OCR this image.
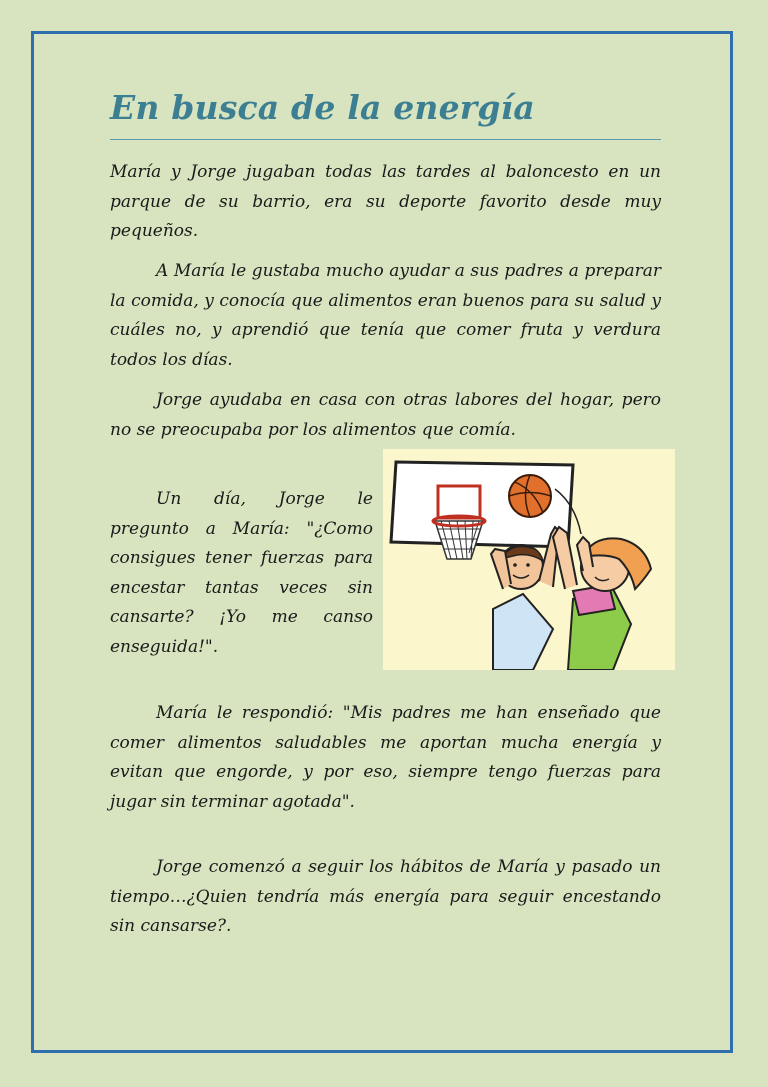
En busca de la energía

María y Jorge jugaban todas las tardes al baloncesto en un parque de su barrio, era su deporte favorito desde muy pequeños.

A María le gustaba mucho ayudar a sus padres a preparar la comida, y conocía que alimentos eran buenos para su salud y cuáles no, y aprendió que tenía que comer fruta y verdura todos los días.

Jorge ayudaba en casa con otras labores del hogar, pero no se preocupaba por los alimentos que comía.

Un día, Jorge le pregunto a María: "¿Como consigues tener fuerzas para encestar tantas veces sin cansarte? ¡Yo me canso enseguida!".

María le respondió: "Mis padres me han enseñado que comer alimentos saludables me aportan mucha energía y evitan que engorde, y por eso, siempre tengo fuerzas para jugar sin terminar agotada".

Jorge comenzó a seguir los hábitos de María y pasado un tiempo…¿Quien tendría más energía para seguir encestando sin cansarse?.
